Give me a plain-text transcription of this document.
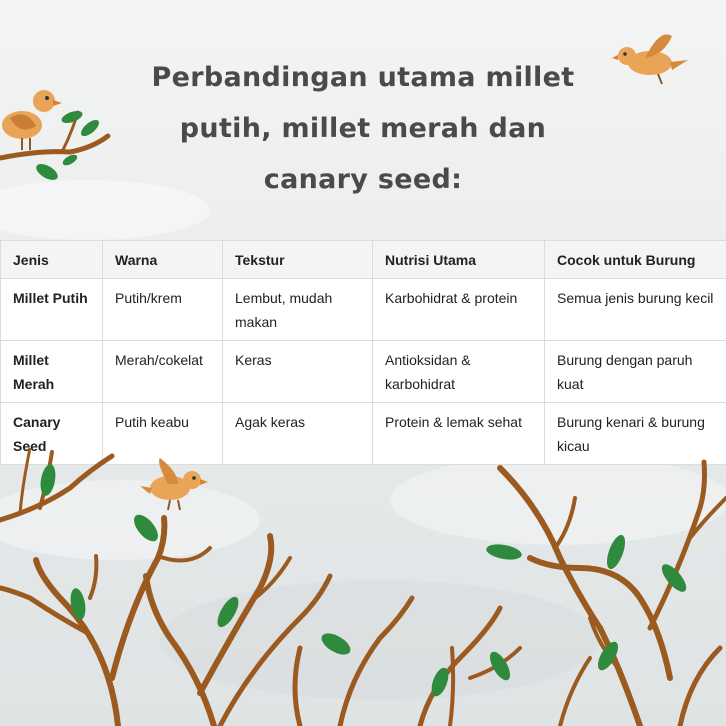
Perbandingan utama millet
putih, millet merah dan
canary seed:
Jenis	Warna	Tekstur	Nutrisi Utama	Cocok untuk Burung
Millet Putih	Putih/krem	Lembut, mudah makan	Karbohidrat & protein	Semua jenis burung kecil
Millet Merah	Merah/cokelat	Keras	Antioksidan & karbohidrat	Burung dengan paruh kuat
Canary Seed	Putih keabu	Agak keras	Protein & lemak sehat	Burung kenari & burung kicau
